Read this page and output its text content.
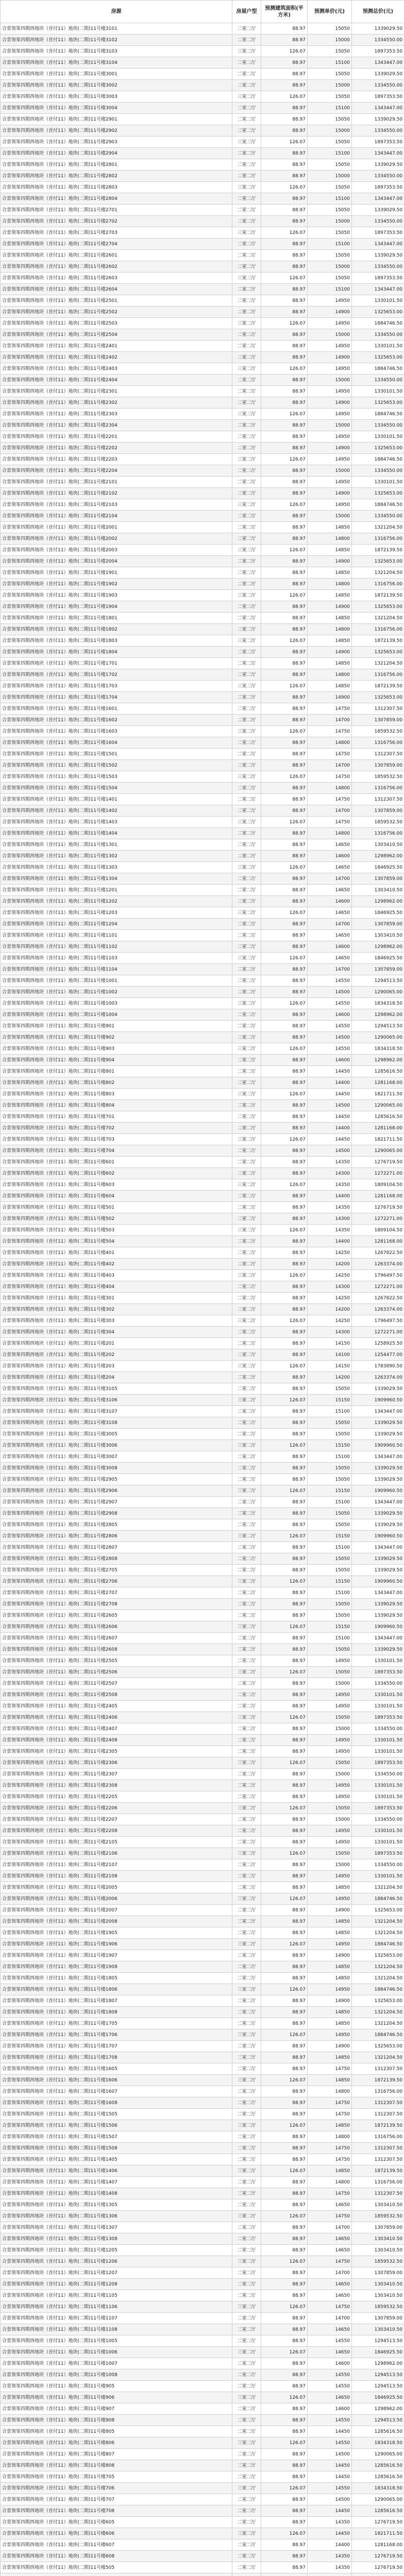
房源	房屋户型	预测建筑面积(平方米)	预测单价(元)	预测总价(元)
合景领峯四期西地块（首付11）地块(二期)11号楼3101	二室二厅	88.97	15050	1339029.50
合景领峯四期西地块（首付11）地块(二期)11号楼3102	二室二厅	88.97	15000	1334550.00
合景领峯四期西地块（首付11）地块(二期)11号楼3103	三室二厅	126.07	15050	1897353.50
合景领峯四期西地块（首付11）地块(二期)11号楼3104	二室二厅	88.97	15100	1343447.00
合景领峯四期西地块（首付11）地块(二期)11号楼3001	二室二厅	88.97	15050	1339029.50
合景领峯四期西地块（首付11）地块(二期)11号楼3002	二室二厅	88.97	15000	1334550.00
合景领峯四期西地块（首付11）地块(二期)11号楼3003	三室二厅	126.07	15050	1897353.50
合景领峯四期西地块（首付11）地块(二期)11号楼3004	二室二厅	88.97	15100	1343447.00
合景领峯四期西地块（首付11）地块(二期)11号楼2901	二室二厅	88.97	15050	1339029.50
合景领峯四期西地块（首付11）地块(二期)11号楼2902	二室二厅	88.97	15000	1334550.00
合景领峯四期西地块（首付11）地块(二期)11号楼2903	三室二厅	126.07	15050	1897353.50
合景领峯四期西地块（首付11）地块(二期)11号楼2904	二室二厅	88.97	15100	1343447.00
合景领峯四期西地块（首付11）地块(二期)11号楼2801	二室二厅	88.97	15050	1339029.50
合景领峯四期西地块（首付11）地块(二期)11号楼2802	二室二厅	88.97	15000	1334550.00
合景领峯四期西地块（首付11）地块(二期)11号楼2803	三室二厅	126.07	15050	1897353.50
合景领峯四期西地块（首付11）地块(二期)11号楼2804	二室二厅	88.97	15100	1343447.00
合景领峯四期西地块（首付11）地块(二期)11号楼2701	二室二厅	88.97	15050	1339029.50
合景领峯四期西地块（首付11）地块(二期)11号楼2702	二室二厅	88.97	15000	1334550.00
合景领峯四期西地块（首付11）地块(二期)11号楼2703	三室二厅	126.07	15050	1897353.50
合景领峯四期西地块（首付11）地块(二期)11号楼2704	二室二厅	88.97	15100	1343447.00
合景领峯四期西地块（首付11）地块(二期)11号楼2601	二室二厅	88.97	15050	1339029.50
合景领峯四期西地块（首付11）地块(二期)11号楼2602	二室二厅	88.97	15000	1334550.00
合景领峯四期西地块（首付11）地块(二期)11号楼2603	三室二厅	126.07	15050	1897353.50
合景领峯四期西地块（首付11）地块(二期)11号楼2604	二室二厅	88.97	15100	1343447.00
合景领峯四期西地块（首付11）地块(二期)11号楼2501	二室二厅	88.97	14950	1330101.50
合景领峯四期西地块（首付11）地块(二期)11号楼2502	二室二厅	88.97	14900	1325653.00
合景领峯四期西地块（首付11）地块(二期)11号楼2503	三室二厅	126.07	14950	1884746.50
合景领峯四期西地块（首付11）地块(二期)11号楼2504	二室二厅	88.97	15000	1334550.00
合景领峯四期西地块（首付11）地块(二期)11号楼2401	二室二厅	88.97	14950	1330101.50
合景领峯四期西地块（首付11）地块(二期)11号楼2402	二室二厅	88.97	14900	1325653.00
合景领峯四期西地块（首付11）地块(二期)11号楼2403	三室二厅	126.07	14950	1884746.50
合景领峯四期西地块（首付11）地块(二期)11号楼2404	二室二厅	88.97	15000	1334550.00
合景领峯四期西地块（首付11）地块(二期)11号楼2301	二室二厅	88.97	14950	1330101.50
合景领峯四期西地块（首付11）地块(二期)11号楼2302	二室二厅	88.97	14900	1325653.00
合景领峯四期西地块（首付11）地块(二期)11号楼2303	三室二厅	126.07	14950	1884746.50
合景领峯四期西地块（首付11）地块(二期)11号楼2304	二室二厅	88.97	15000	1334550.00
合景领峯四期西地块（首付11）地块(二期)11号楼2201	二室二厅	88.97	14950	1330101.50
合景领峯四期西地块（首付11）地块(二期)11号楼2202	二室二厅	88.97	14900	1325653.00
合景领峯四期西地块（首付11）地块(二期)11号楼2203	三室二厅	126.07	14950	1884746.50
合景领峯四期西地块（首付11）地块(二期)11号楼2204	二室二厅	88.97	15000	1334550.00
合景领峯四期西地块（首付11）地块(二期)11号楼2101	二室二厅	88.97	14950	1330101.50
合景领峯四期西地块（首付11）地块(二期)11号楼2102	二室二厅	88.97	14900	1325653.00
合景领峯四期西地块（首付11）地块(二期)11号楼2103	三室二厅	126.07	14950	1884746.50
合景领峯四期西地块（首付11）地块(二期)11号楼2104	二室二厅	88.97	15000	1334550.00
合景领峯四期西地块（首付11）地块(二期)11号楼2001	二室二厅	88.97	14850	1321204.50
合景领峯四期西地块（首付11）地块(二期)11号楼2002	二室二厅	88.97	14800	1316756.00
合景领峯四期西地块（首付11）地块(二期)11号楼2003	三室二厅	126.07	14850	1872139.50
合景领峯四期西地块（首付11）地块(二期)11号楼2004	二室二厅	88.97	14900	1325653.00
合景领峯四期西地块（首付11）地块(二期)11号楼1901	二室二厅	88.97	14850	1321204.50
合景领峯四期西地块（首付11）地块(二期)11号楼1902	二室二厅	88.97	14800	1316756.00
合景领峯四期西地块（首付11）地块(二期)11号楼1903	三室二厅	126.07	14850	1872139.50
合景领峯四期西地块（首付11）地块(二期)11号楼1904	二室二厅	88.97	14900	1325653.00
合景领峯四期西地块（首付11）地块(二期)11号楼1801	二室二厅	88.97	14850	1321204.50
合景领峯四期西地块（首付11）地块(二期)11号楼1802	二室二厅	88.97	14800	1316756.00
合景领峯四期西地块（首付11）地块(二期)11号楼1803	三室二厅	126.07	14850	1872139.50
合景领峯四期西地块（首付11）地块(二期)11号楼1804	二室二厅	88.97	14900	1325653.00
合景领峯四期西地块（首付11）地块(二期)11号楼1701	二室二厅	88.97	14850	1321204.50
合景领峯四期西地块（首付11）地块(二期)11号楼1702	二室二厅	88.97	14800	1316756.00
合景领峯四期西地块（首付11）地块(二期)11号楼1703	三室二厅	126.07	14850	1872139.50
合景领峯四期西地块（首付11）地块(二期)11号楼1704	二室二厅	88.97	14900	1325653.00
合景领峯四期西地块（首付11）地块(二期)11号楼1601	二室二厅	88.97	14750	1312307.50
合景领峯四期西地块（首付11）地块(二期)11号楼1602	二室二厅	88.97	14700	1307859.00
合景领峯四期西地块（首付11）地块(二期)11号楼1603	三室二厅	126.07	14750	1859532.50
合景领峯四期西地块（首付11）地块(二期)11号楼1604	二室二厅	88.97	14800	1316756.00
合景领峯四期西地块（首付11）地块(二期)11号楼1501	二室二厅	88.97	14750	1312307.50
合景领峯四期西地块（首付11）地块(二期)11号楼1502	二室二厅	88.97	14700	1307859.00
合景领峯四期西地块（首付11）地块(二期)11号楼1503	三室二厅	126.07	14750	1859532.50
合景领峯四期西地块（首付11）地块(二期)11号楼1504	二室二厅	88.97	14800	1316756.00
合景领峯四期西地块（首付11）地块(二期)11号楼1401	二室二厅	88.97	14750	1312307.50
合景领峯四期西地块（首付11）地块(二期)11号楼1402	二室二厅	88.97	14700	1307859.00
合景领峯四期西地块（首付11）地块(二期)11号楼1403	三室二厅	126.07	14750	1859532.50
合景领峯四期西地块（首付11）地块(二期)11号楼1404	二室二厅	88.97	14800	1316756.00
合景领峯四期西地块（首付11）地块(二期)11号楼1301	二室二厅	88.97	14650	1303410.50
合景领峯四期西地块（首付11）地块(二期)11号楼1302	二室二厅	88.97	14600	1298962.00
合景领峯四期西地块（首付11）地块(二期)11号楼1303	三室二厅	126.07	14650	1846925.50
合景领峯四期西地块（首付11）地块(二期)11号楼1304	二室二厅	88.97	14700	1307859.00
合景领峯四期西地块（首付11）地块(二期)11号楼1201	二室二厅	88.97	14650	1303410.50
合景领峯四期西地块（首付11）地块(二期)11号楼1202	二室二厅	88.97	14600	1298962.00
合景领峯四期西地块（首付11）地块(二期)11号楼1203	三室二厅	126.07	14650	1846925.50
合景领峯四期西地块（首付11）地块(二期)11号楼1204	二室二厅	88.97	14700	1307859.00
合景领峯四期西地块（首付11）地块(二期)11号楼1101	二室二厅	88.97	14650	1303410.50
合景领峯四期西地块（首付11）地块(二期)11号楼1102	二室二厅	88.97	14600	1298962.00
合景领峯四期西地块（首付11）地块(二期)11号楼1103	三室二厅	126.07	14650	1846925.50
合景领峯四期西地块（首付11）地块(二期)11号楼1104	二室二厅	88.97	14700	1307859.00
合景领峯四期西地块（首付11）地块(二期)11号楼1001	二室二厅	88.97	14550	1294513.50
合景领峯四期西地块（首付11）地块(二期)11号楼1002	二室二厅	88.97	14500	1290065.00
合景领峯四期西地块（首付11）地块(二期)11号楼1003	三室二厅	126.07	14550	1834318.50
合景领峯四期西地块（首付11）地块(二期)11号楼1004	二室二厅	88.97	14600	1298962.00
合景领峯四期西地块（首付11）地块(二期)11号楼901	二室二厅	88.97	14550	1294513.50
合景领峯四期西地块（首付11）地块(二期)11号楼902	二室二厅	88.97	14500	1290065.00
合景领峯四期西地块（首付11）地块(二期)11号楼903	三室二厅	126.07	14550	1834318.50
合景领峯四期西地块（首付11）地块(二期)11号楼904	二室二厅	88.97	14600	1298962.00
合景领峯四期西地块（首付11）地块(二期)11号楼801	二室二厅	88.97	14450	1285616.50
合景领峯四期西地块（首付11）地块(二期)11号楼802	二室二厅	88.97	14400	1281168.00
合景领峯四期西地块（首付11）地块(二期)11号楼803	三室二厅	126.07	14450	1821711.50
合景领峯四期西地块（首付11）地块(二期)11号楼804	二室二厅	88.97	14500	1290065.00
合景领峯四期西地块（首付11）地块(二期)11号楼701	二室二厅	88.97	14450	1285616.50
合景领峯四期西地块（首付11）地块(二期)11号楼702	二室二厅	88.97	14400	1281168.00
合景领峯四期西地块（首付11）地块(二期)11号楼703	三室二厅	126.07	14450	1821711.50
合景领峯四期西地块（首付11）地块(二期)11号楼704	二室二厅	88.97	14500	1290065.00
合景领峯四期西地块（首付11）地块(二期)11号楼601	二室二厅	88.97	14350	1276719.50
合景领峯四期西地块（首付11）地块(二期)11号楼602	二室二厅	88.97	14300	1272271.00
合景领峯四期西地块（首付11）地块(二期)11号楼603	三室二厅	126.07	14350	1809104.50
合景领峯四期西地块（首付11）地块(二期)11号楼604	二室二厅	88.97	14400	1281168.00
合景领峯四期西地块（首付11）地块(二期)11号楼501	二室二厅	88.97	14350	1276719.50
合景领峯四期西地块（首付11）地块(二期)11号楼502	二室二厅	88.97	14300	1272271.00
合景领峯四期西地块（首付11）地块(二期)11号楼503	三室二厅	126.07	14350	1809104.50
合景领峯四期西地块（首付11）地块(二期)11号楼504	二室二厅	88.97	14400	1281168.00
合景领峯四期西地块（首付11）地块(二期)11号楼401	二室二厅	88.97	14250	1267822.50
合景领峯四期西地块（首付11）地块(二期)11号楼402	二室二厅	88.97	14200	1263374.00
合景领峯四期西地块（首付11）地块(二期)11号楼403	三室二厅	126.07	14250	1796497.50
合景领峯四期西地块（首付11）地块(二期)11号楼404	二室二厅	88.97	14300	1272271.00
合景领峯四期西地块（首付11）地块(二期)11号楼301	二室二厅	88.97	14250	1267822.50
合景领峯四期西地块（首付11）地块(二期)11号楼302	二室二厅	88.97	14200	1263374.00
合景领峯四期西地块（首付11）地块(二期)11号楼303	三室二厅	126.07	14250	1796497.50
合景领峯四期西地块（首付11）地块(二期)11号楼304	二室二厅	88.97	14300	1272271.00
合景领峯四期西地块（首付11）地块(二期)11号楼201	二室二厅	88.97	14150	1258925.50
合景领峯四期西地块（首付11）地块(二期)11号楼202	二室二厅	88.97	14100	1254477.00
合景领峯四期西地块（首付11）地块(二期)11号楼203	三室二厅	126.07	14150	1783890.50
合景领峯四期西地块（首付11）地块(二期)11号楼204	二室二厅	88.97	14200	1263374.00
合景领峯四期西地块（首付11）地块(二期)11号楼3105	二室二厅	88.97	15050	1339029.50
合景领峯四期西地块（首付11）地块(二期)11号楼3106	三室二厅	126.07	15150	1909960.50
合景领峯四期西地块（首付11）地块(二期)11号楼3107	二室二厅	88.97	15100	1343447.00
合景领峯四期西地块（首付11）地块(二期)11号楼3108	二室二厅	88.97	15050	1339029.50
合景领峯四期西地块（首付11）地块(二期)11号楼3005	二室二厅	88.97	15050	1339029.50
合景领峯四期西地块（首付11）地块(二期)11号楼3006	三室二厅	126.07	15150	1909960.50
合景领峯四期西地块（首付11）地块(二期)11号楼3007	二室二厅	88.97	15100	1343447.00
合景领峯四期西地块（首付11）地块(二期)11号楼3008	二室二厅	88.97	15050	1339029.50
合景领峯四期西地块（首付11）地块(二期)11号楼2905	二室二厅	88.97	15050	1339029.50
合景领峯四期西地块（首付11）地块(二期)11号楼2906	三室二厅	126.07	15150	1909960.50
合景领峯四期西地块（首付11）地块(二期)11号楼2907	二室二厅	88.97	15100	1343447.00
合景领峯四期西地块（首付11）地块(二期)11号楼2908	二室二厅	88.97	15050	1339029.50
合景领峯四期西地块（首付11）地块(二期)11号楼2805	二室二厅	88.97	15050	1339029.50
合景领峯四期西地块（首付11）地块(二期)11号楼2806	三室二厅	126.07	15150	1909960.50
合景领峯四期西地块（首付11）地块(二期)11号楼2807	二室二厅	88.97	15100	1343447.00
合景领峯四期西地块（首付11）地块(二期)11号楼2808	二室二厅	88.97	15050	1339029.50
合景领峯四期西地块（首付11）地块(二期)11号楼2705	二室二厅	88.97	15050	1339029.50
合景领峯四期西地块（首付11）地块(二期)11号楼2706	三室二厅	126.07	15150	1909960.50
合景领峯四期西地块（首付11）地块(二期)11号楼2707	二室二厅	88.97	15100	1343447.00
合景领峯四期西地块（首付11）地块(二期)11号楼2708	二室二厅	88.97	15050	1339029.50
合景领峯四期西地块（首付11）地块(二期)11号楼2605	二室二厅	88.97	15050	1339029.50
合景领峯四期西地块（首付11）地块(二期)11号楼2606	三室二厅	126.07	15150	1909960.50
合景领峯四期西地块（首付11）地块(二期)11号楼2607	二室二厅	88.97	15100	1343447.00
合景领峯四期西地块（首付11）地块(二期)11号楼2608	二室二厅	88.97	15050	1339029.50
合景领峯四期西地块（首付11）地块(二期)11号楼2505	二室二厅	88.97	14950	1330101.50
合景领峯四期西地块（首付11）地块(二期)11号楼2506	三室二厅	126.07	15050	1897353.50
合景领峯四期西地块（首付11）地块(二期)11号楼2507	二室二厅	88.97	15000	1334550.00
合景领峯四期西地块（首付11）地块(二期)11号楼2508	二室二厅	88.97	14950	1330101.50
合景领峯四期西地块（首付11）地块(二期)11号楼2405	二室二厅	88.97	14950	1330101.50
合景领峯四期西地块（首付11）地块(二期)11号楼2406	三室二厅	126.07	15050	1897353.50
合景领峯四期西地块（首付11）地块(二期)11号楼2407	二室二厅	88.97	15000	1334550.00
合景领峯四期西地块（首付11）地块(二期)11号楼2408	二室二厅	88.97	14950	1330101.50
合景领峯四期西地块（首付11）地块(二期)11号楼2305	二室二厅	88.97	14950	1330101.50
合景领峯四期西地块（首付11）地块(二期)11号楼2306	三室二厅	126.07	15050	1897353.50
合景领峯四期西地块（首付11）地块(二期)11号楼2307	二室二厅	88.97	15000	1334550.00
合景领峯四期西地块（首付11）地块(二期)11号楼2308	二室二厅	88.97	14950	1330101.50
合景领峯四期西地块（首付11）地块(二期)11号楼2205	二室二厅	88.97	14950	1330101.50
合景领峯四期西地块（首付11）地块(二期)11号楼2206	三室二厅	126.07	15050	1897353.50
合景领峯四期西地块（首付11）地块(二期)11号楼2207	二室二厅	88.97	15000	1334550.00
合景领峯四期西地块（首付11）地块(二期)11号楼2208	二室二厅	88.97	14950	1330101.50
合景领峯四期西地块（首付11）地块(二期)11号楼2105	二室二厅	88.97	14950	1330101.50
合景领峯四期西地块（首付11）地块(二期)11号楼2106	三室二厅	126.07	15050	1897353.50
合景领峯四期西地块（首付11）地块(二期)11号楼2107	二室二厅	88.97	15000	1334550.00
合景领峯四期西地块（首付11）地块(二期)11号楼2108	二室二厅	88.97	14950	1330101.50
合景领峯四期西地块（首付11）地块(二期)11号楼2005	二室二厅	88.97	14850	1321204.50
合景领峯四期西地块（首付11）地块(二期)11号楼2006	三室二厅	126.07	14950	1884746.50
合景领峯四期西地块（首付11）地块(二期)11号楼2007	二室二厅	88.97	14900	1325653.00
合景领峯四期西地块（首付11）地块(二期)11号楼2008	二室二厅	88.97	14850	1321204.50
合景领峯四期西地块（首付11）地块(二期)11号楼1905	二室二厅	88.97	14850	1321204.50
合景领峯四期西地块（首付11）地块(二期)11号楼1906	三室二厅	126.07	14950	1884746.50
合景领峯四期西地块（首付11）地块(二期)11号楼1907	二室二厅	88.97	14900	1325653.00
合景领峯四期西地块（首付11）地块(二期)11号楼1908	二室二厅	88.97	14850	1321204.50
合景领峯四期西地块（首付11）地块(二期)11号楼1805	二室二厅	88.97	14850	1321204.50
合景领峯四期西地块（首付11）地块(二期)11号楼1806	三室二厅	126.07	14950	1884746.50
合景领峯四期西地块（首付11）地块(二期)11号楼1807	二室二厅	88.97	14900	1325653.00
合景领峯四期西地块（首付11）地块(二期)11号楼1808	二室二厅	88.97	14850	1321204.50
合景领峯四期西地块（首付11）地块(二期)11号楼1705	二室二厅	88.97	14850	1321204.50
合景领峯四期西地块（首付11）地块(二期)11号楼1706	三室二厅	126.07	14950	1884746.50
合景领峯四期西地块（首付11）地块(二期)11号楼1707	二室二厅	88.97	14900	1325653.00
合景领峯四期西地块（首付11）地块(二期)11号楼1708	二室二厅	88.97	14850	1321204.50
合景领峯四期西地块（首付11）地块(二期)11号楼1605	二室二厅	88.97	14750	1312307.50
合景领峯四期西地块（首付11）地块(二期)11号楼1606	三室二厅	126.07	14850	1872139.50
合景领峯四期西地块（首付11）地块(二期)11号楼1607	二室二厅	88.97	14800	1316756.00
合景领峯四期西地块（首付11）地块(二期)11号楼1608	二室二厅	88.97	14750	1312307.50
合景领峯四期西地块（首付11）地块(二期)11号楼1505	二室二厅	88.97	14750	1312307.50
合景领峯四期西地块（首付11）地块(二期)11号楼1506	三室二厅	126.07	14850	1872139.50
合景领峯四期西地块（首付11）地块(二期)11号楼1507	二室二厅	88.97	14800	1316756.00
合景领峯四期西地块（首付11）地块(二期)11号楼1508	二室二厅	88.97	14750	1312307.50
合景领峯四期西地块（首付11）地块(二期)11号楼1405	二室二厅	88.97	14750	1312307.50
合景领峯四期西地块（首付11）地块(二期)11号楼1406	三室二厅	126.07	14850	1872139.50
合景领峯四期西地块（首付11）地块(二期)11号楼1407	二室二厅	88.97	14800	1316756.00
合景领峯四期西地块（首付11）地块(二期)11号楼1408	二室二厅	88.97	14750	1312307.50
合景领峯四期西地块（首付11）地块(二期)11号楼1305	二室二厅	88.97	14650	1303410.50
合景领峯四期西地块（首付11）地块(二期)11号楼1306	三室二厅	126.07	14750	1859532.50
合景领峯四期西地块（首付11）地块(二期)11号楼1307	二室二厅	88.97	14700	1307859.00
合景领峯四期西地块（首付11）地块(二期)11号楼1308	二室二厅	88.97	14650	1303410.50
合景领峯四期西地块（首付11）地块(二期)11号楼1205	二室二厅	88.97	14650	1303410.50
合景领峯四期西地块（首付11）地块(二期)11号楼1206	三室二厅	126.07	14750	1859532.50
合景领峯四期西地块（首付11）地块(二期)11号楼1207	二室二厅	88.97	14700	1307859.00
合景领峯四期西地块（首付11）地块(二期)11号楼1208	二室二厅	88.97	14650	1303410.50
合景领峯四期西地块（首付11）地块(二期)11号楼1105	二室二厅	88.97	14650	1303410.50
合景领峯四期西地块（首付11）地块(二期)11号楼1106	三室二厅	126.07	14750	1859532.50
合景领峯四期西地块（首付11）地块(二期)11号楼1107	二室二厅	88.97	14700	1307859.00
合景领峯四期西地块（首付11）地块(二期)11号楼1108	二室二厅	88.97	14650	1303410.50
合景领峯四期西地块（首付11）地块(二期)11号楼1005	二室二厅	88.97	14550	1294513.50
合景领峯四期西地块（首付11）地块(二期)11号楼1006	三室二厅	126.07	14650	1846925.50
合景领峯四期西地块（首付11）地块(二期)11号楼1007	二室二厅	88.97	14600	1298962.00
合景领峯四期西地块（首付11）地块(二期)11号楼1008	二室二厅	88.97	14550	1294513.50
合景领峯四期西地块（首付11）地块(二期)11号楼905	二室二厅	88.97	14550	1294513.50
合景领峯四期西地块（首付11）地块(二期)11号楼906	三室二厅	126.07	14650	1846925.50
合景领峯四期西地块（首付11）地块(二期)11号楼907	二室二厅	88.97	14600	1298962.00
合景领峯四期西地块（首付11）地块(二期)11号楼908	二室二厅	88.97	14550	1294513.50
合景领峯四期西地块（首付11）地块(二期)11号楼805	二室二厅	88.97	14450	1285616.50
合景领峯四期西地块（首付11）地块(二期)11号楼806	三室二厅	126.07	14550	1834318.50
合景领峯四期西地块（首付11）地块(二期)11号楼807	二室二厅	88.97	14500	1290065.00
合景领峯四期西地块（首付11）地块(二期)11号楼808	二室二厅	88.97	14450	1285616.50
合景领峯四期西地块（首付11）地块(二期)11号楼705	二室二厅	88.97	14450	1285616.50
合景领峯四期西地块（首付11）地块(二期)11号楼706	三室二厅	126.07	14550	1834318.50
合景领峯四期西地块（首付11）地块(二期)11号楼707	二室二厅	88.97	14500	1290065.00
合景领峯四期西地块（首付11）地块(二期)11号楼708	二室二厅	88.97	14450	1285616.50
合景领峯四期西地块（首付11）地块(二期)11号楼605	二室二厅	88.97	14350	1276719.50
合景领峯四期西地块（首付11）地块(二期)11号楼606	三室二厅	126.07	14450	1821711.50
合景领峯四期西地块（首付11）地块(二期)11号楼607	二室二厅	88.97	14400	1281168.00
合景领峯四期西地块（首付11）地块(二期)11号楼608	二室二厅	88.97	14350	1276719.50
合景领峯四期西地块（首付11）地块(二期)11号楼505	二室二厅	88.97	14350	1276719.50
